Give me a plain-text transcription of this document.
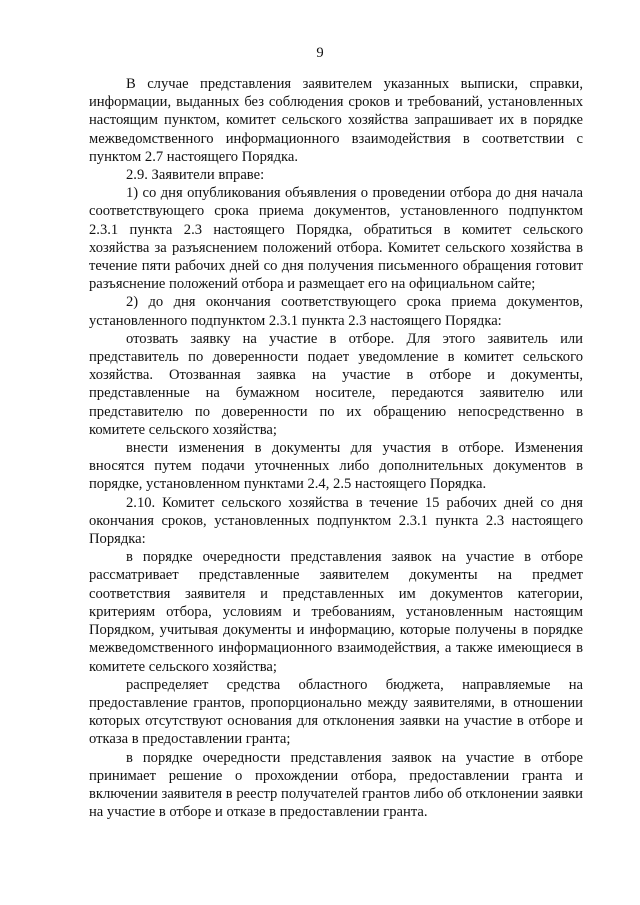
9

В случае представления заявителем указанных выписки, справки, информации, выданных без соблюдения сроков и требований, установленных настоящим пунктом, комитет сельского хозяйства запрашивает их в порядке межведомственного информационного взаимодействия в соответствии с пунктом 2.7 настоящего Порядка.

2.9. Заявители вправе:

1) со дня опубликования объявления о проведении отбора до дня начала соответствующего срока приема документов, установленного подпунктом 2.3.1 пункта 2.3 настоящего Порядка, обратиться в комитет сельского хозяйства за разъяснением положений отбора. Комитет сельского хозяйства в течение пяти рабочих дней со дня получения письменного обращения готовит разъяснение положений отбора и размещает его на официальном сайте;

2) до дня окончания соответствующего срока приема документов, установленного подпунктом 2.3.1 пункта 2.3 настоящего Порядка:

отозвать заявку на участие в отборе. Для этого заявитель или представитель по доверенности подает уведомление в комитет сельского хозяйства. Отозванная заявка на участие в отборе и документы, представленные на бумажном носителе, передаются заявителю или представителю по доверенности по их обращению непосредственно в комитете сельского хозяйства;

внести изменения в документы для участия в отборе. Изменения вносятся путем подачи уточненных либо дополнительных документов в порядке, установленном пунктами 2.4, 2.5 настоящего Порядка.

2.10. Комитет сельского хозяйства в течение 15 рабочих дней со дня окончания сроков, установленных подпунктом 2.3.1 пункта 2.3 настоящего Порядка:

в порядке очередности представления заявок на участие в отборе рассматривает представленные заявителем документы на предмет соответствия заявителя и представленных им документов категории, критериям отбора, условиям и требованиям, установленным настоящим Порядком, учитывая документы и информацию, которые получены в порядке межведомственного информационного взаимодействия, а также имеющиеся в комитете сельского хозяйства;

распределяет средства областного бюджета, направляемые на предоставление грантов, пропорционально между заявителями, в отношении которых отсутствуют основания для отклонения заявки на участие в отборе и отказа в предоставлении гранта;

в порядке очередности представления заявок на участие в отборе принимает решение о прохождении отбора, предоставлении гранта и включении заявителя в реестр получателей грантов либо об отклонении заявки на участие в отборе и отказе в предоставлении гранта.
